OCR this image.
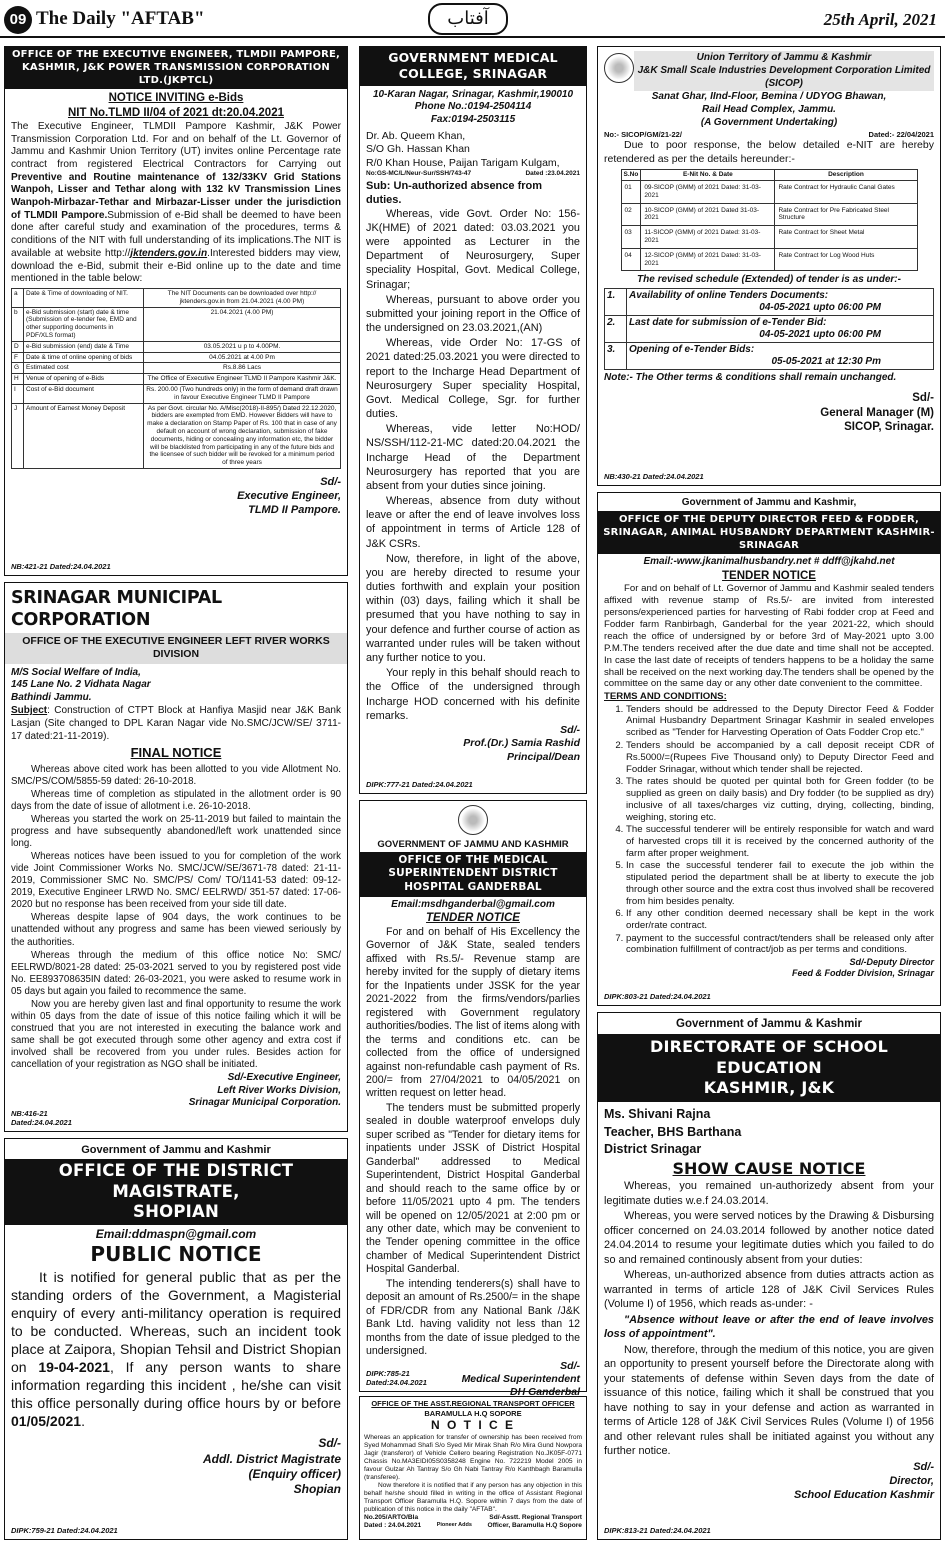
09 The Daily "AFTAB"	آفتاب	25th April, 2021
OFFICE OF THE EXECUTIVE ENGINEER, TLMDII PAMPORE, KASHMIR, J&K POWER TRANSMISSION CORPORATION LTD.(JKPTCL)
NOTICE INVITING e-Bids
NIT No.TLMD II/04 of 2021 dt:20.04.2021
The Executive Engineer, TLMDII Pampore Kashmir, J&K Power Transmission Corporation Ltd. For and on behalf of the Lt. Governor of Jammu and Kashmir Union Territory (UT) invites online Percentage rate contract from registered Electrical Contractors for Carrying out Preventive and Routine maintenance of 132/33KV Grid Stations Wanpoh, Lisser and Tethar along with 132 kV Transmission Lines Wanpoh-Mirbazar-Tethar and Mirbazar-Lisser under the jurisdiction of TLMDII Pampore.Submission of e-Bid shall be deemed to have been done after careful study and examination of the procedures, terms & conditions of the NIT with full understanding of its implications.The NIT is available at website http://jktenders.gov.in.Interested bidders may view, download the e-Bid, submit their e-Bid online up to the date and time mentioned in the table below:
a	Date & Time of downloading of NIT.	The NIT Documents can be downloaded over http:// jktenders.gov.in from 21.04.2021 (4.00 PM)
b	e-Bid submission (start) date & time (Submission of e-tender fee, EMD and other supporting documents in PDF/XLS format)	21.04.2021 (4.00 PM)
D	e-Bid submission (end) date & Time	03.05.2021 u p to 4.00PM.
F	Date & time of online opening of bids	04.05.2021 at 4.00 Pm
G	Estimated cost	Rs.8.86 Lacs
H	Venue of opening of e-Bids	The Office of Executive Engineer TLMD II Pampore Kashmir J&K.
I	Cost of e-Bid document	Rs. 200.00 (Two hundreds only) in the form of demand draft drawn in favour Executive Engineer TLMD II Pampore
J	Amount of Earnest Money Deposit	As per Govt. circular No. A/Misc(2018)-II-895/) Dated 22.12.2020, bidders are exempted from EMD. However Bidders will have to make a declaration on Stamp Paper of Rs. 100 that in case of any default on account of wrong declaration, submission of fake documents, hiding or concealing any information etc, the bidder will be blacklisted from participating in any of the future bids and the licensee of such bidder will be revoked for a minimum period of three years
Sd/-
Executive Engineer,
TLMD II Pampore.
NB:421-21 Dated:24.04.2021
SRINAGAR MUNICIPAL CORPORATION
OFFICE OF THE EXECUTIVE ENGINEER LEFT RIVER WORKS DIVISION
M/S Social Welfare of India,
145 Lane No. 2 Vidhata Nagar
Bathindi Jammu.
Subject: Construction of CTPT Block at Hanfiya Masjid near J&K Bank Lasjan (Site changed to DPL Karan Nagar vide No.SMC/JCW/SE/ 3711-17 dated:21-11-2019).
FINAL NOTICE

Whereas above cited work has been allotted to you vide Allotment No. SMC/PS/COM/5855-59 dated: 26-10-2018.

Whereas time of completion as stipulated in the allotment order is 90 days from the date of issue of allotment i.e. 26-10-2018.

Whereas you started the work on 25-11-2019 but failed to maintain the progress and have subsequently abandoned/left work unattended since long.

Whereas notices have been issued to you for completion of the work vide Joint Commissioner Works No. SMC/JCW/SE/3671-78 dated: 21-11-2019, Commissioner SMC No. SMC/PS/ Com/ TO/1141-53 dated: 09-12-2019, Executive Engineer LRWD No. SMC/ EELRWD/ 351-57 dated: 17-06-2020 but no response has been received from your side till date.

Whereas despite lapse of 904 days, the work continues to be unattended without any progress and same has been viewed seriously by the authorities.

Whereas through the medium of this office notice No: SMC/ EELRWD/8021-28 dated: 25-03-2021 served to you by registered post vide No. EE893708635IN dated: 26-03-2021, you were asked to resume work in 05 days but again you failed to recommence the same.

Now you are hereby given last and final opportunity to resume the work within 05 days from the date of issue of this notice failing which it will be construed that you are not interested in executing the balance work and same shall be got executed through some other agency and extra cost if involved shall be recovered from you under rules. Besides action for cancellation of your registration as NGO shall be initiated.

Sd/-Executive Engineer,
Left River Works Division,
Srinagar Municipal Corporation.
NB:416-21
Dated:24.04.2021
Government of Jammu and Kashmir
OFFICE OF THE DISTRICT MAGISTRATE,
SHOPIAN
Email:ddmaspn@gmail.com
PUBLIC NOTICE

It is notified for general public that as per the standing orders of the Government, a Magisterial enquiry of every anti-militancy operation is required to be conducted. Whereas, such an incident took place at Zaipora, Shopian Tehsil and District Shopian on 19-04-2021, If any person wants to share information regarding this incident , he/she can visit this office personally during office hours by or before 01/05/2021.

Sd/-
Addl. District Magistrate
(Enquiry officer)
Shopian
DIPK:759-21 Dated:24.04.2021
GOVERNMENT MEDICAL COLLEGE, SRINAGAR
10-Karan Nagar, Srinagar, Kashmir,190010
Phone No.:0194-2504114
Fax:0194-2503115
Dr. Ab. Queem Khan,
S/O Gh. Hassan Khan
R/0 Khan House, Paijan Tarigam Kulgam,
No:GS-MC/L/Neur-Sur/SSH/743-47	Dated :23.04.2021
Sub: Un-authorized absence from duties.

Whereas, vide Govt. Order No: 156-JK(HME) of 2021 dated: 03.03.2021 you were appointed as Lecturer in the Department of Neurosurgery, Super speciality Hospital, Govt. Medical College, Srinagar;

Whereas, pursuant to above order you submitted your joining report in the Office of the undersigned on 23.03.2021,(AN)

Whereas, vide Order No: 17-GS of 2021 dated:25.03.2021 you were directed to report to the Incharge Head Department of Neurosurgery Super speciality Hospital, Govt. Medical College, Sgr. for further duties.

Whereas, vide letter No:HOD/ NS/SSH/112-21-MC dated:20.04.2021 the Incharge Head of the Department Neurosurgery has reported that you are absent from your duties since joining.

Whereas, absence from duty without leave or after the end of leave involves loss of appointment in terms of Article 128 of J&K CSRs.

Now, therefore, in light of the above, you are hereby directed to resume your duties forthwith and explain your position within (03) days, failing which it shall be presumed that you have nothing to say in your defence and further course of action as warranted under rules will be taken without any further notice to you.

Your reply in this behalf should reach to the Office of the undersigned through Incharge HOD concerned with his definite remarks.

Sd/-
Prof.(Dr.) Samia Rashid
Principal/Dean
DIPK:777-21 Dated:24.04.2021
GOVERNMENT OF JAMMU AND KASHMIR
OFFICE OF THE MEDICAL SUPERINTENDENT DISTRICT HOSPITAL GANDERBAL
Email:msdhganderbal@gmail.com
TENDER NOTICE

For and on behalf of His Excellency the Governor of J&K State, sealed tenders affixed with Rs.5/- Revenue stamp are hereby invited for the supply of dietary items for the Inpatients under JSSK for the year 2021-2022 from the firms/vendors/parlies registered with Government regulatory authorities/bodies. The list of items along with the terms and conditions etc. can be collected from the office of undersigned against non-refundable cash payment of Rs. 200/= from 27/04/2021 to 04/05/2021 on written request on letter head.

The tenders must be submitted properly sealed in double waterproof envelops duly super scribed as "Tender for dietary items for inpatients under JSSK of District Hospital Ganderbal" addressed to Medical Superintendent, District Hospital Ganderbal and should reach to the same office by or before 11/05/2021 upto 4 pm. The tenders will be opened on 12/05/2021 at 2:00 pm or any other date, which may be convenient to the Tender opening committee in the office chamber of Medical Superintendent District Hospital Ganderbal.

The intending tenderers(s) shall have to deposit an amount of Rs.2500/= in the shape of FDR/CDR from any National Bank /J&K Bank Ltd. having validity not less than 12 months from the date of issue pledged to the undersigned.

Sd/-
Medical Superintendent
DH Ganderbal
DIPK:785-21
Dated:24.04.2021
OFFICE OF THE ASST.REGIONAL TRANSPORT OFFICER
BARAMULLA H.Q SOPORE
N O T I C E
Whereas an application for transfer of ownership has been received from Syed Mohammad Shafi S/o Syed Mir Mirak Shah R/o Mira Gund Nowpora Jagir (transferor) of Vehicle Cellero bearing Registration No.JK05F-0771 Chassis No.MA3EIDI05S0358248 Engine No. 722219 Model 2005 in favour Gulzar Ah Tantray S/o Gh Nabi Tantray R/o Kanthbagh Baramulla (transferee).
Now therefore it is notified that if any person has any objection in this behalf he/she should filled in writing in the office of Assistant Regional Transport Officer Baramulla H.Q. Sopore within 7 days from the date of publication of this notice in the daily "AFTAB".
No.205/ARTO/Bla	Sd/-Asstt. Regional Transport
Dated : 24.04.2021	Pioneer Adds Officer, Baramulla H.Q Sopore
Union Territory of Jammu & Kashmir
J&K Small Scale Industries Development Corporation Limited (SICOP)
Sanat Ghar, IInd-Floor, Bemina / UDYOG Bhawan,
Rail Head Complex, Jammu.
(A Government Undertaking)
No:- SICOP/GM/21-22/	Dated:- 22/04/2021

Due to poor response, the below detailed e-NIT are hereby retendered as per the details hereunder:-

S.No	E-Nit No. & Date	Description
01	09-SICOP (GMM) of 2021 Dated: 31-03-2021	Rate Contract for Hydraulic Canal Gates
02	10-SICOP (GMM) of 2021 Dated 31-03-2021	Rate Contract for Pre Fabricated Steel Structure
03	11-SICOP (GMM) of 2021 Dated: 31-03-2021	Rate Contract for Sheet Metal
04	12-SICOP (GMM) of 2021 Dated: 31-03-2021	Rate Contract for Log Wood Huts
The revised schedule (Extended) of tender is as under:-
1.	Availability of online Tenders Documents:
04-05-2021 upto 06:00 PM

2.	Last date for submission of e-Tender Bid:
04-05-2021 upto 06:00 PM

3.	Opening of e-Tender Bids:
05-05-2021 at 12:30 Pm
Note:- The Other terms & conditions shall remain unchanged.
Sd/-
General Manager (M)
SICOP, Srinagar.
NB:430-21 Dated:24.04.2021
Government of Jammu and Kashmir,
OFFICE OF THE DEPUTY DIRECTOR FEED & FODDER, SRINAGAR, ANIMAL HUSBANDRY DEPARTMENT KASHMIR- SRINAGAR
Email:-www.jkanimalhusbandry.net # ddff@jkahd.net
TENDER NOTICE

For and on behalf of Lt. Governor of Jammu and Kashmir sealed tenders affixed with revenue stamp of Rs.5/- are invited from interested persons/experienced parties for harvesting of Rabi fodder crop at Feed and Fodder farm Ranbirbagh, Ganderbal for the year 2021-22, which should reach the office of undersigned by or before 3rd of May-2021 upto 3.00 P.M.The tenders received after the due date and time shall not be accepted. In case the last date of receipts of tenders happens to be a holiday the same shall be received on the next working day.The tenders shall be opened by the committee on the same day or any other date convenient to the committee.

TERMS AND CONDITIONS:
1. Tenders should be addressed to the Deputy Director Feed & Fodder Animal Husbandry Department Srinagar Kashmir in sealed envelopes scribed as "Tender for Harvesting Operation of Oats Fodder Crop etc."
2. Tenders should be accompanied by a call deposit receipt CDR of Rs.5000/=(Rupees Five Thousand only) to Deputy Director Feed and Fodder Srinagar, without which tender shall be rejected.
3. The rates should be quoted per quintal both for Green fodder (to be supplied as green on daily basis) and Dry fodder (to be supplied as dry) inclusive of all taxes/charges viz cutting, drying, collecting, binding, weighing, storing etc.
4. The successful tenderer will be entirely responsible for watch and ward of harvested crops till it is received by the concerned authority of the farm after proper weighment.
5. In case the successful tenderer fail to execute the job within the stipulated period the department shall be at liberty to execute the job through other source and the extra cost thus involved shall be recovered from him besides penalty.
6. If any other condition deemed necessary shall be kept in the work order/rate contract.
7. payment to the successful contract/tenders shall be released only after combination fulfillment of contract/job as per terms and conditions.
Sd/-Deputy Director
Feed & Fodder Division, Srinagar
DIPK:803-21 Dated:24.04.2021
Government of Jammu & Kashmir
DIRECTORATE OF SCHOOL EDUCATION
KASHMIR, J&K
Ms. Shivani Rajna
Teacher, BHS Barthana
District Srinagar
SHOW CAUSE NOTICE

Whereas, you remained un-authorizedy absent from your legitimate duties w.e.f 24.03.2014.

Whereas, you were served notices by the Drawing & Disbursing officer concerned on 24.03.2014 followed by another notice dated 24.04.2014 to resume your legitimate duties which you failed to do so and remained continously absent from your duties:

Whereas, un-authorized absence from duties attracts action as warranted in terms of article 128 of J&K Civil Services Rules (Volume I) of 1956, which reads as-under: -

"Absence without leave or after the end of leave involves loss of appointment".

Now, therefore, through the medium of this notice, you are given an opportunity to present yourself before the Directorate along with your statements of defense within Seven days from the date of issuance of this notice, failing which it shall be construed that you have nothing to say in your defense and action as warranted in terms of Article 128 of J&K Civil Services Rules (Volume I) of 1956 and other relevant rules shall be initiated against you without any further notice.

Sd/-
Director,
School Education Kashmir
DIPK:813-21 Dated:24.04.2021
